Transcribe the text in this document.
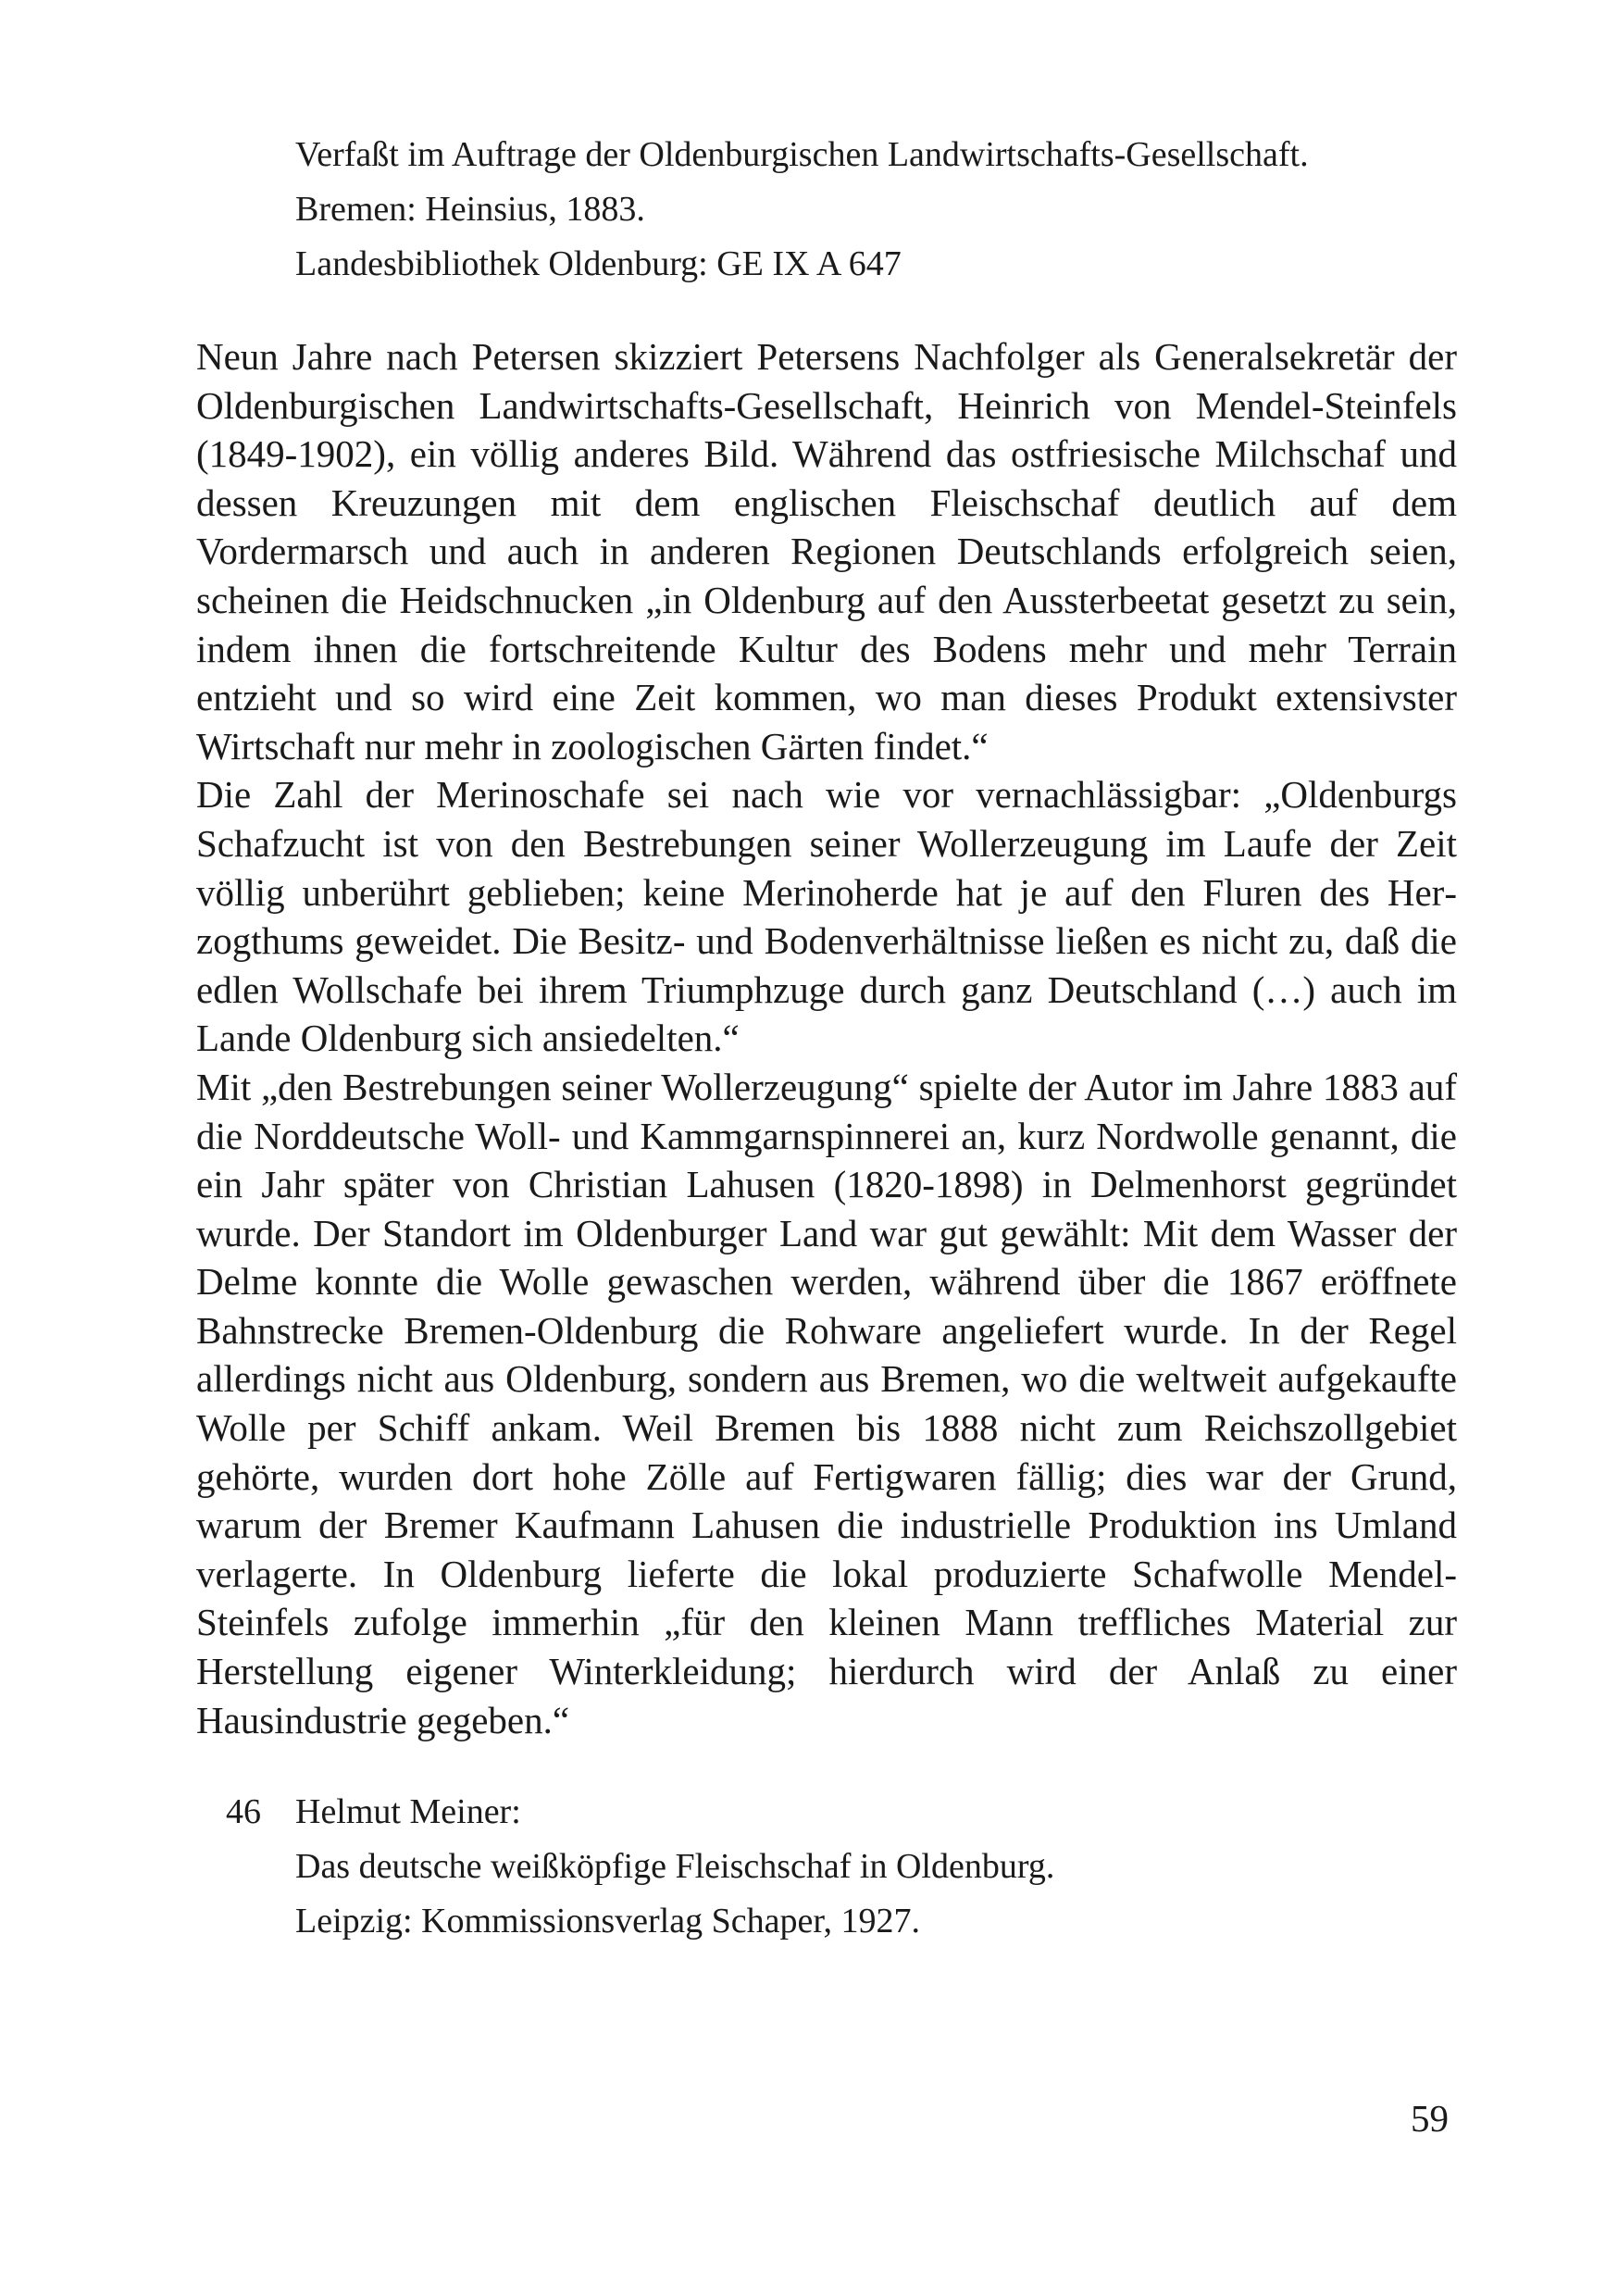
Verfaßt im Auftrage der Oldenburgischen Landwirtschafts-Gesellschaft.
Bremen: Heinsius, 1883.
Landesbibliothek Oldenburg: GE IX A 647

Neun Jahre nach Petersen skizziert Petersens Nachfolger als Generalsekretär der Oldenburgischen Landwirtschafts-Gesellschaft, Heinrich von Mendel-Steinfels (1849-1902), ein völlig anderes Bild. Während das ostfriesische Milchschaf und dessen Kreuzungen mit dem englischen Fleischschaf deutlich auf dem Vordermarsch und auch in anderen Regionen Deutschlands erfolgreich seien, scheinen die Heidschnucken „in Oldenburg auf den Aussterbeetat gesetzt zu sein, indem ihnen die fortschreitende Kultur des Bodens mehr und mehr Terrain entzieht und so wird eine Zeit kommen, wo man dieses Produkt extensivster Wirtschaft nur mehr in zoologischen Gärten findet.“

Die Zahl der Merinoschafe sei nach wie vor vernachlässigbar: „Oldenburgs Schafzucht ist von den Bestrebungen seiner Wollerzeugung im Laufe der Zeit völlig unberührt geblieben; keine Merinoherde hat je auf den Fluren des Herzogthums geweidet. Die Besitz- und Bodenverhältnisse ließen es nicht zu, daß die edlen Wollschafe bei ihrem Triumphzuge durch ganz Deutschland (…) auch im Lande Oldenburg sich ansiedelten.“

Mit „den Bestrebungen seiner Wollerzeugung“ spielte der Autor im Jahre 1883 auf die Norddeutsche Woll- und Kammgarnspinnerei an, kurz Nordwolle genannt, die ein Jahr später von Christian Lahusen (1820-1898) in Delmenhorst gegründet wurde. Der Standort im Oldenburger Land war gut gewählt: Mit dem Wasser der Delme konnte die Wolle gewaschen werden, während über die 1867 eröffnete Bahnstrecke Bremen-Oldenburg die Rohware angeliefert wurde. In der Regel allerdings nicht aus Oldenburg, sondern aus Bremen, wo die weltweit aufgekaufte Wolle per Schiff ankam. Weil Bremen bis 1888 nicht zum Reichszollgebiet gehörte, wurden dort hohe Zölle auf Fertigwaren fällig; dies war der Grund, warum der Bremer Kaufmann Lahusen die industrielle Produktion ins Umland verlagerte. In Oldenburg lieferte die lokal produzierte Schafwolle Mendel-Steinfels zufolge immerhin „für den kleinen Mann treffliches Material zur Herstellung eigener Winterkleidung; hierdurch wird der Anlaß zu einer Hausindustrie gegeben.“

46 Helmut Meiner:
Das deutsche weißköpfige Fleischschaf in Oldenburg.
Leipzig: Kommissionsverlag Schaper, 1927.
59
